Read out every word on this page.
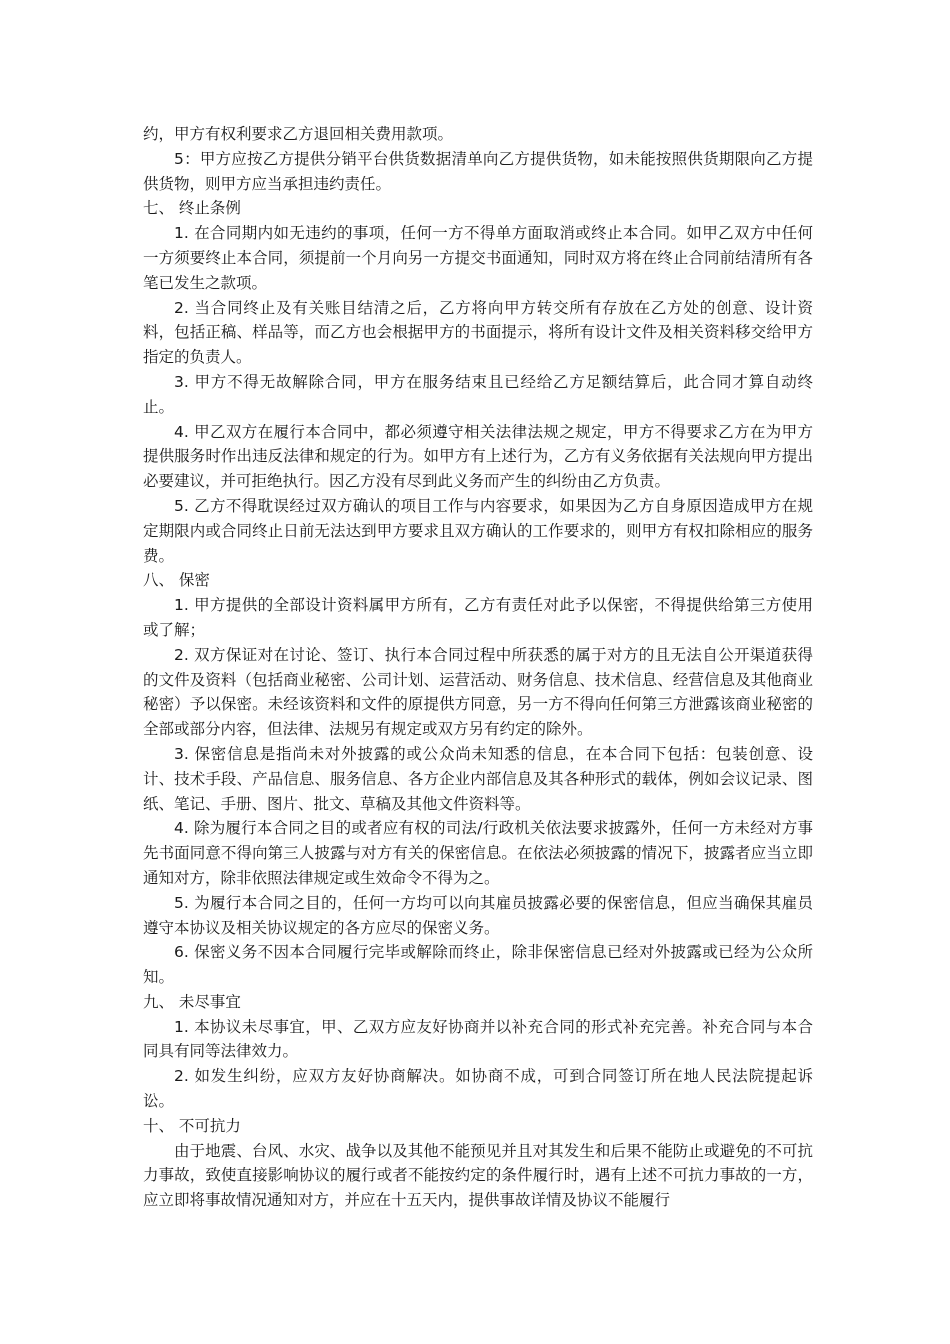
约，甲方有权利要求乙方退回相关费用款项。

5：甲方应按乙方提供分销平台供货数据清单向乙方提供货物，如未能按照供货期限向乙方提供货物，则甲方应当承担违约责任。

七、 终止条例

1. 在合同期内如无违约的事项，任何一方不得单方面取消或终止本合同。如甲乙双方中任何一方须要终止本合同，须提前一个月向另一方提交书面通知，同时双方将在终止合同前结清所有各笔已发生之款项。

2. 当合同终止及有关账目结清之后，乙方将向甲方转交所有存放在乙方处的创意、设计资料，包括正稿、样品等，而乙方也会根据甲方的书面提示，将所有设计文件及相关资料移交给甲方指定的负责人。

3. 甲方不得无故解除合同，甲方在服务结束且已经给乙方足额结算后，此合同才算自动终止。

4. 甲乙双方在履行本合同中，都必须遵守相关法律法规之规定，甲方不得要求乙方在为甲方提供服务时作出违反法律和规定的行为。如甲方有上述行为，乙方有义务依据有关法规向甲方提出必要建议，并可拒绝执行。因乙方没有尽到此义务而产生的纠纷由乙方负责。

5. 乙方不得耽误经过双方确认的项目工作与内容要求，如果因为乙方自身原因造成甲方在规定期限内或合同终止日前无法达到甲方要求且双方确认的工作要求的，则甲方有权扣除相应的服务费。

八、 保密

1. 甲方提供的全部设计资料属甲方所有，乙方有责任对此予以保密，不得提供给第三方使用或了解；

2. 双方保证对在讨论、签订、执行本合同过程中所获悉的属于对方的且无法自公开渠道获得的文件及资料（包括商业秘密、公司计划、运营活动、财务信息、技术信息、经营信息及其他商业秘密）予以保密。未经该资料和文件的原提供方同意，另一方不得向任何第三方泄露该商业秘密的全部或部分内容，但法律、法规另有规定或双方另有约定的除外。

3. 保密信息是指尚未对外披露的或公众尚未知悉的信息，在本合同下包括：包装创意、设计、技术手段、产品信息、服务信息、各方企业内部信息及其各种形式的载体，例如会议记录、图纸、笔记、手册、图片、批文、草稿及其他文件资料等。

4. 除为履行本合同之目的或者应有权的司法/行政机关依法要求披露外，任何一方未经对方事先书面同意不得向第三人披露与对方有关的保密信息。在依法必须披露的情况下，披露者应当立即通知对方，除非依照法律规定或生效命令不得为之。

5. 为履行本合同之目的，任何一方均可以向其雇员披露必要的保密信息，但应当确保其雇员遵守本协议及相关协议规定的各方应尽的保密义务。

6. 保密义务不因本合同履行完毕或解除而终止，除非保密信息已经对外披露或已经为公众所知。

九、 未尽事宜

1. 本协议未尽事宜，甲、乙双方应友好协商并以补充合同的形式补充完善。补充合同与本合同具有同等法律效力。

2. 如发生纠纷，应双方友好协商解决。如协商不成，可到合同签订所在地人民法院提起诉讼。

十、 不可抗力

由于地震、台风、水灾、战争以及其他不能预见并且对其发生和后果不能防止或避免的不可抗力事故，致使直接影响协议的履行或者不能按约定的条件履行时，遇有上述不可抗力事故的一方，应立即将事故情况通知对方，并应在十五天内，提供事故详情及协议不能履行
